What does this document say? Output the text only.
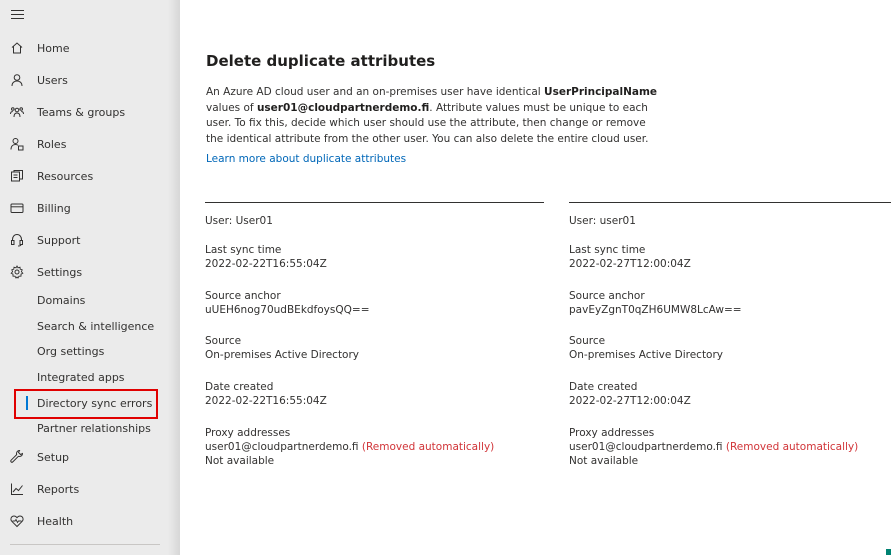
Home
Users
Teams & groups
Roles
Resources
Billing
Support
Settings
Domains
Search & intelligence
Org settings
Integrated apps
Directory sync errors
Partner relationships
Setup
Reports
Health
Delete duplicate attributes
An Azure AD cloud user and an on-premises user have identical UserPrincipalName values of user01@cloudpartnerdemo.fi. Attribute values must be unique to each user. To fix this, decide which user should use the attribute, then change or remove the identical attribute from the other user. You can also delete the entire cloud user.
Learn more about duplicate attributes
User: User01
Last sync time
2022-02-22T16:55:04Z
Source anchor
uUEH6nog70udBEkdfoysQQ==
Source
On-premises Active Directory
Date created
2022-02-22T16:55:04Z
Proxy addresses
user01@cloudpartnerdemo.fi (Removed automatically)
Not available
User: user01
Last sync time
2022-02-27T12:00:04Z
Source anchor
pavEyZgnT0qZH6UMW8LcAw==
Source
On-premises Active Directory
Date created
2022-02-27T12:00:04Z
Proxy addresses
user01@cloudpartnerdemo.fi (Removed automatically)
Not available
